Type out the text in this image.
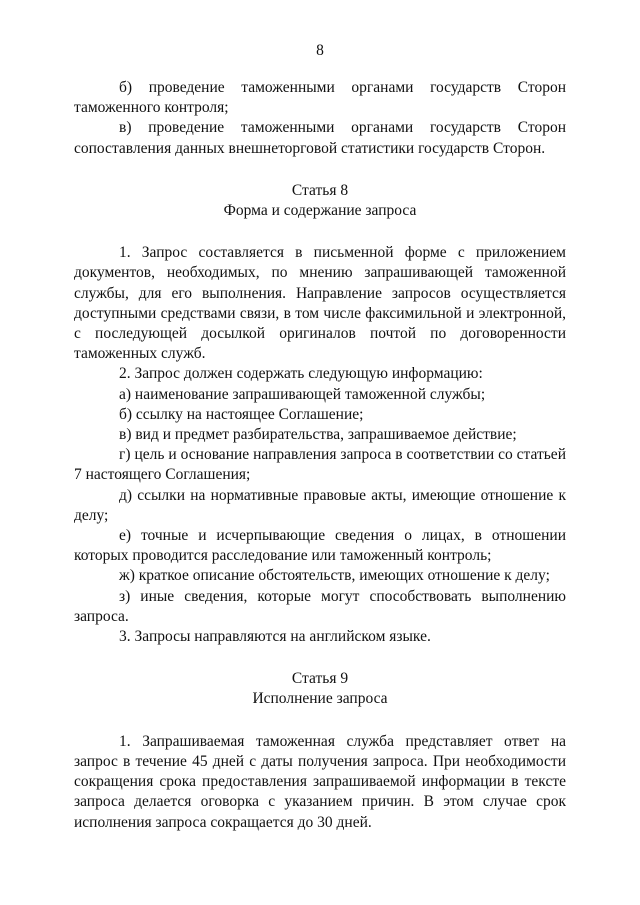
8

б) проведение таможенными органами государств Сторон таможенного контроля;

в) проведение таможенными органами государств Сторон сопоставления данных внешнеторговой статистики государств Сторон.

Статья 8

Форма и содержание запроса

1. Запрос составляется в письменной форме с приложением документов, необходимых, по мнению запрашивающей таможенной службы, для его выполнения. Направление запросов осуществляется доступными средствами связи, в том числе факсимильной и электронной, с последующей досылкой оригиналов почтой по договоренности таможенных служб.

2. Запрос должен содержать следующую информацию:

а) наименование запрашивающей таможенной службы;

б) ссылку на настоящее Соглашение;

в) вид и предмет разбирательства, запрашиваемое действие;

г) цель и основание направления запроса в соответствии со статьей 7 настоящего Соглашения;

д) ссылки на нормативные правовые акты, имеющие отношение к делу;

е) точные и исчерпывающие сведения о лицах, в отношении которых проводится расследование или таможенный контроль;

ж) краткое описание обстоятельств, имеющих отношение к делу;

з) иные сведения, которые могут способствовать выполнению запроса.

3. Запросы направляются на английском языке.

Статья 9

Исполнение запроса

1. Запрашиваемая таможенная служба представляет ответ на запрос в течение 45 дней с даты получения запроса. При необходимости сокращения срока предоставления запрашиваемой информации в тексте запроса делается оговорка с указанием причин. В этом случае срок исполнения запроса сокращается до 30 дней.
